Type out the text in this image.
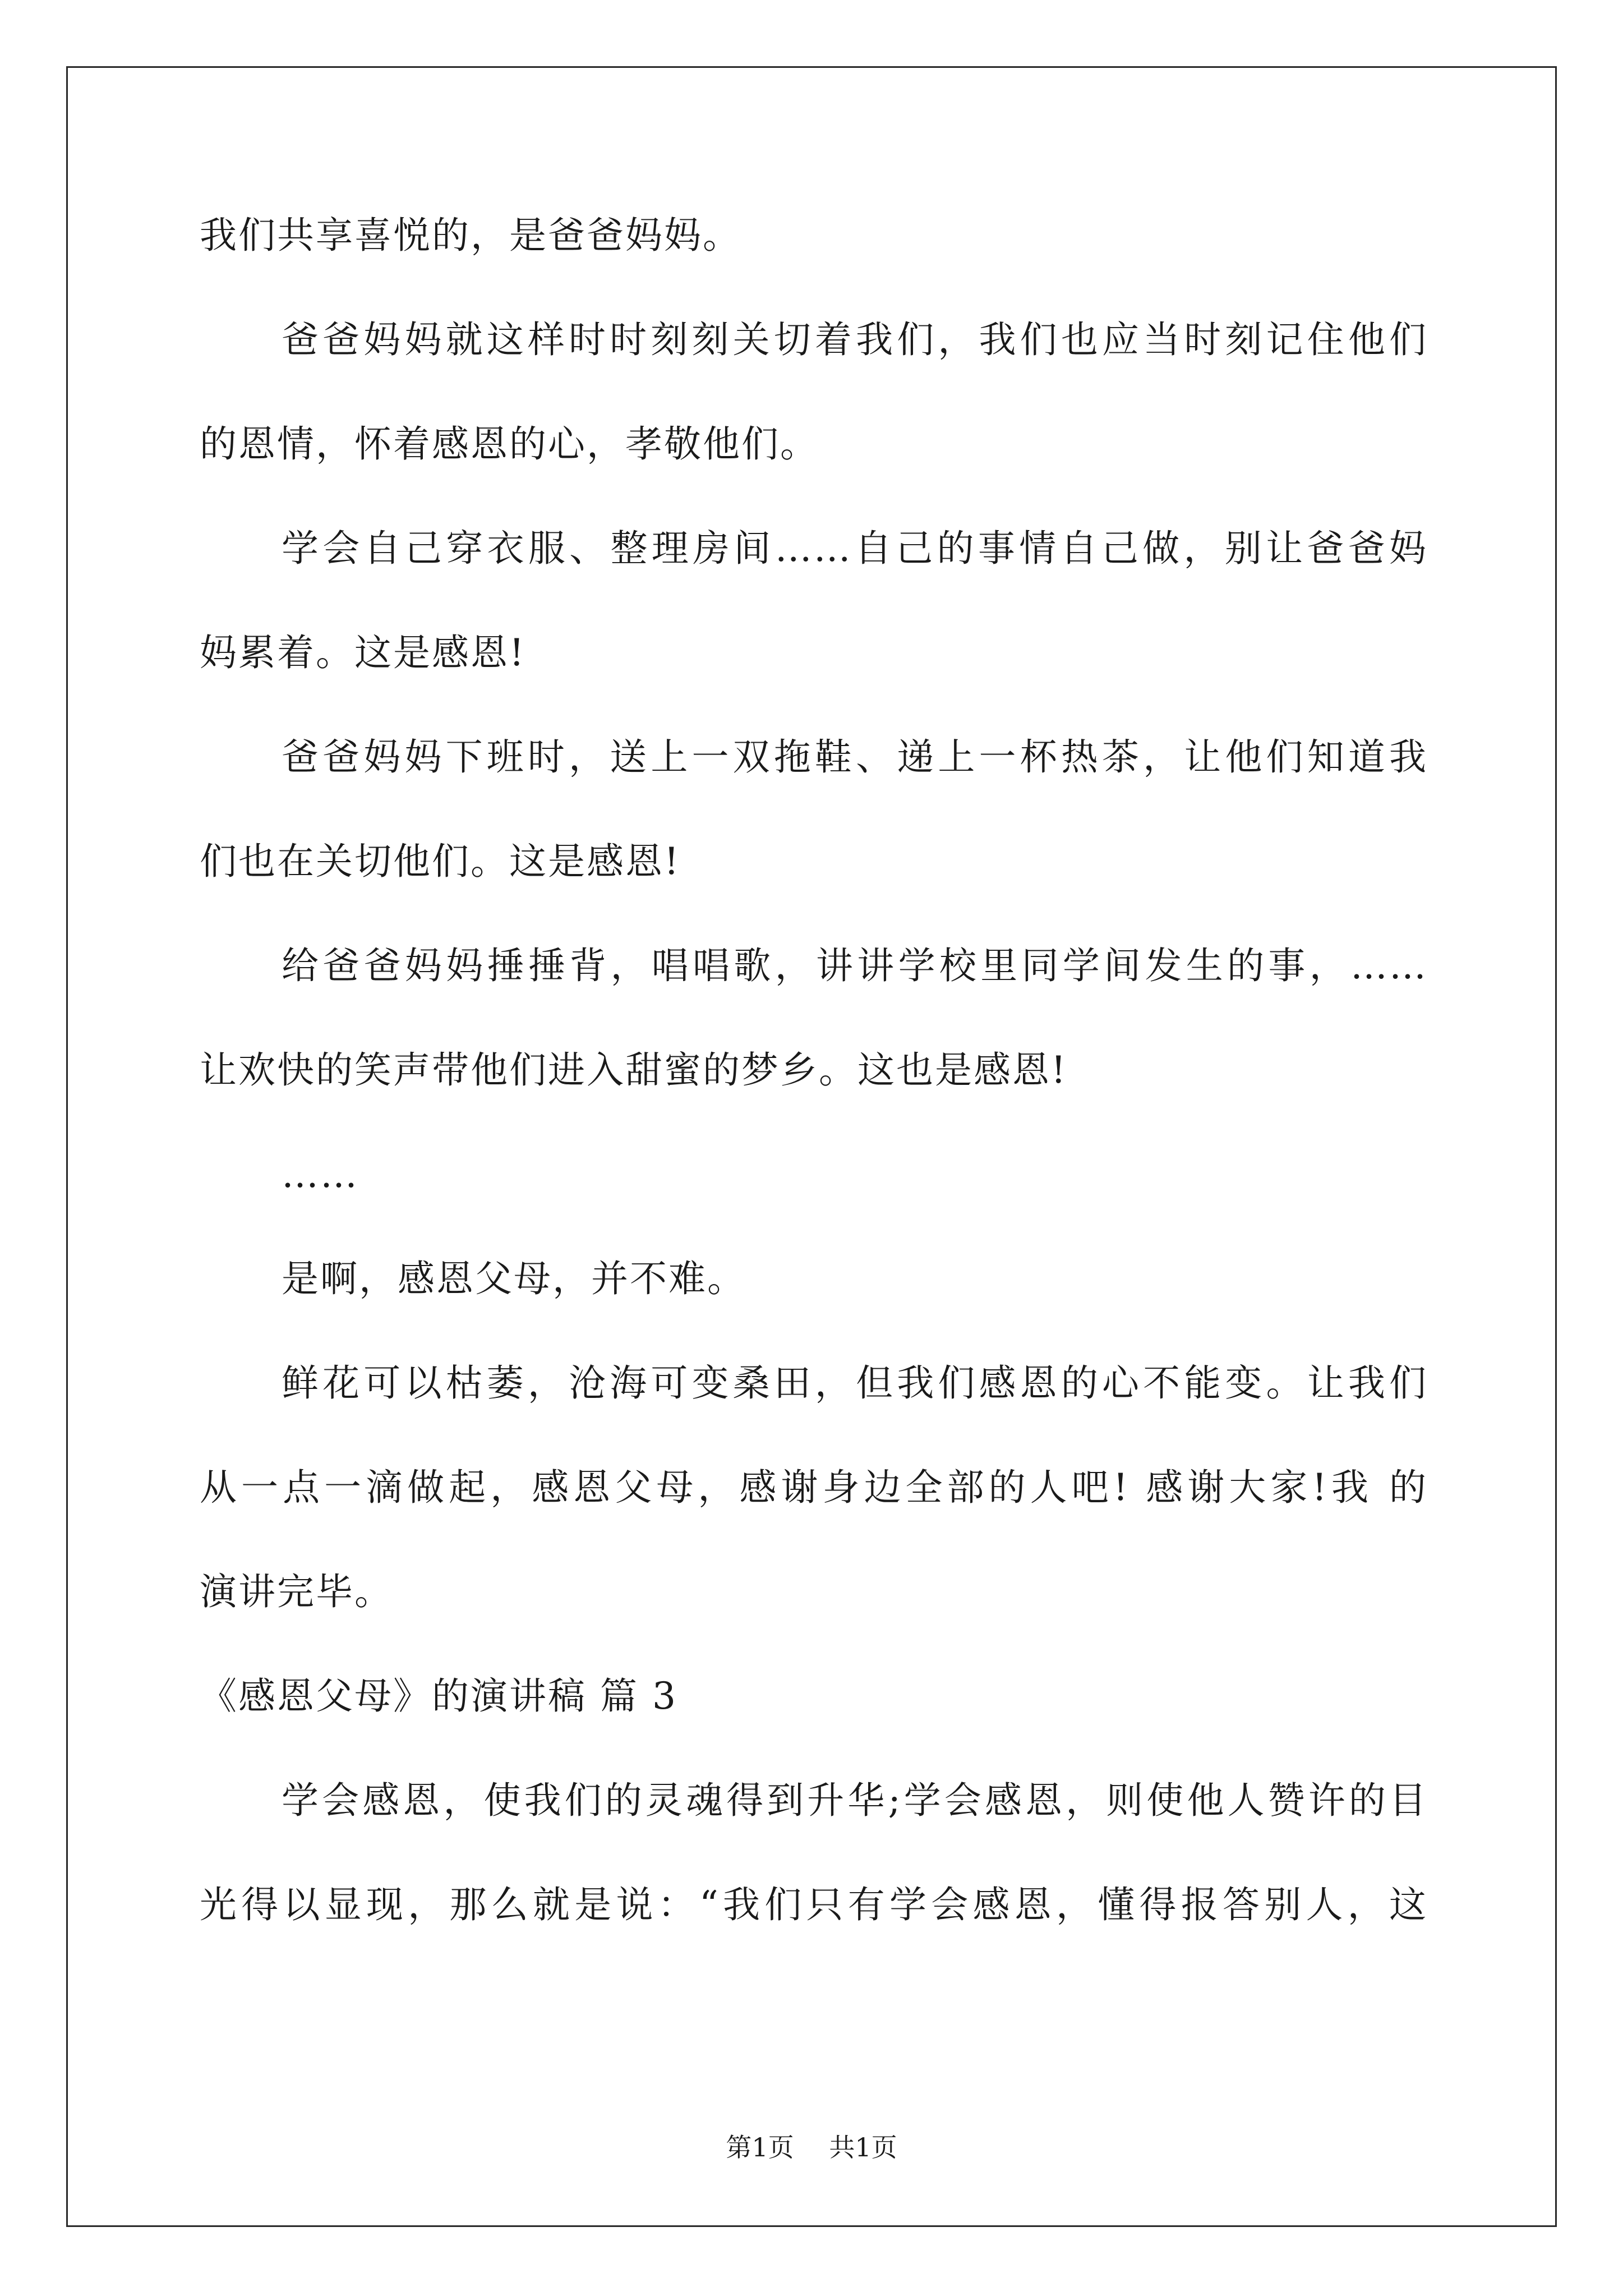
我们共享喜悦的，是爸爸妈妈。
爸爸妈妈就这样时时刻刻关切着我们，我们也应当时刻记住他们
的恩情，怀着感恩的心，孝敬他们。
学会自己穿衣服、整理房间……自己的事情自己做，别让爸爸妈
妈累着。这是感恩!
爸爸妈妈下班时，送上一双拖鞋、递上一杯热茶，让他们知道我
们也在关切他们。这是感恩!
给爸爸妈妈捶捶背，唱唱歌，讲讲学校里同学间发生的事，……
让欢快的笑声带他们进入甜蜜的梦乡。这也是感恩!
……
是啊，感恩父母，并不难。
鲜花可以枯萎，沧海可变桑田，但我们感恩的心不能变。让我们
从一点一滴做起，感恩父母，感谢身边全部的人吧! 感谢大家!我 的
演讲完毕。
《感恩父母》的演讲稿 篇 3
学会感恩，使我们的灵魂得到升华;学会感恩，则使他人赞许的目
光得以显现，那么就是说：“我们只有学会感恩，懂得报答别人，这
第1页 共1页
